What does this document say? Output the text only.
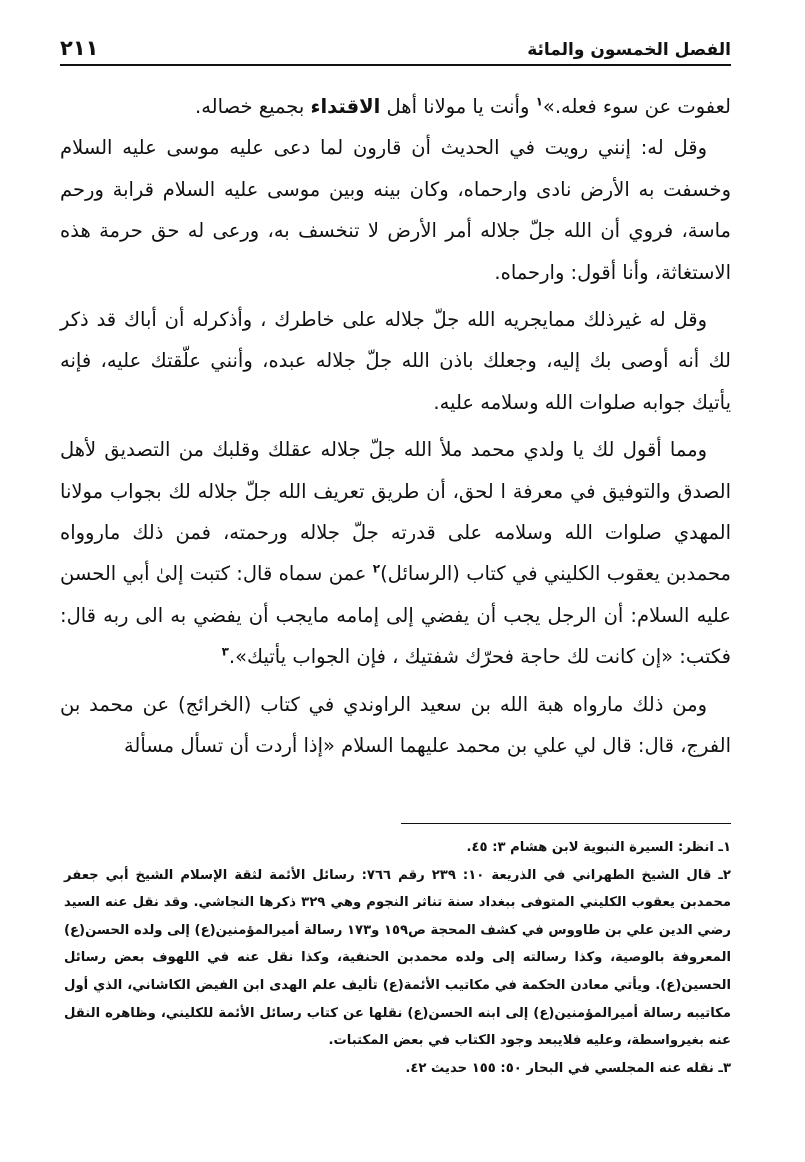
الفصل الخمسون والمائة
٢١١

لعفوت عن سوء فعله.»$^١$ وأنت يا مولانا أهل الاقتداء بجميع خصاله.

وقل له: إنني رويت في الحديث أن قارون لما دعى عليه موسى عليه السلام وخسفت به الأرض نادى وارحماه، وكان بينه وبين موسى عليه السلام قرابة ورحم ماسة، فروي أن الله جلّ جلاله أمر الأرض لا تنخسف به، ورعى له حق حرمة هذه الاستغاثة، وأنا أقول: وارحماه.

وقل له غيرذلك ممايجريه الله جلّ جلاله على خاطرك ، وأذكرله أن أباك قد ذكر لك أنه أوصى بك إليه، وجعلك باذن الله جلّ جلاله عبده، وأنني علّقتك عليه، فإنه يأتيك جوابه صلوات الله وسلامه عليه.

ومما أقول لك يا ولدي محمد ملأ الله جلّ جلاله عقلك وقلبك من التصديق لأهل الصدق والتوفيق في معرفة ا لحق، أن طريق تعريف الله جلّ جلاله لك بجواب مولانا المهدي صلوات الله وسلامه على قدرته جلّ جلاله ورحمته، فمن ذلك ماروواه محمدبن يعقوب الكليني في كتاب (الرسائل)$^٢$ عمن سماه قال: كتبت إلىٰ أبي الحسن عليه السلام: أن الرجل يجب أن يفضي إلى إمامه مايجب أن يفضي به الى ربه قال: فكتب: «إن كانت لك حاجة فحرّك شفتيك ، فإن الجواب يأتيك».$^٣$

ومن ذلك مارواه هبة الله بن سعيد الراوندي في كتاب (الخرائج) عن محمد بن الفرج، قال: قال لي علي بن محمد عليهما السلام «إذا أردت أن تسأل مسألة

١ـ انظر: السيرة النبوية لابن هشام ٣: ٤٥.

٢ـ قال الشيخ الطهراني في الذريعة ١٠: ٢٣٩ رقم ٧٦٦: رسائل الأئمة لثقة الإسلام الشيخ أبي جعفر محمدبن يعقوب الكليني المتوفى ببغداد سنة تناثر النجوم وهي ٣٢٩ ذكرها النجاشي. وقد نقل عنه السيد رضي الدين علي بن طاووس في كشف المحجة ص١٥٩ و١٧٣ رسالة أميرالمؤمنين(ع) إلى ولده الحسن(ع) المعروفة بالوصية، وكذا رسالته إلى ولده محمدبن الحنفية، وكذا نقل عنه في اللهوف بعض رسائل الحسين(ع). ويأتي معادن الحكمة في مكاتيب الأئمة(ع) تأليف علم الهدى ابن الفيض الكاشاني، الذي أول مكاتيبه رسالة أميرالمؤمنين(ع) إلى ابنه الحسن(ع) نقلها عن كتاب رسائل الأئمة للكليني، وظاهره النقل عنه بغيرواسطة، وعليه فلايبعد وجود الكتاب في بعض المكتبات.

٣ـ نقله عنه المجلسي في البحار ٥٠: ١٥٥ حديث ٤٢.
